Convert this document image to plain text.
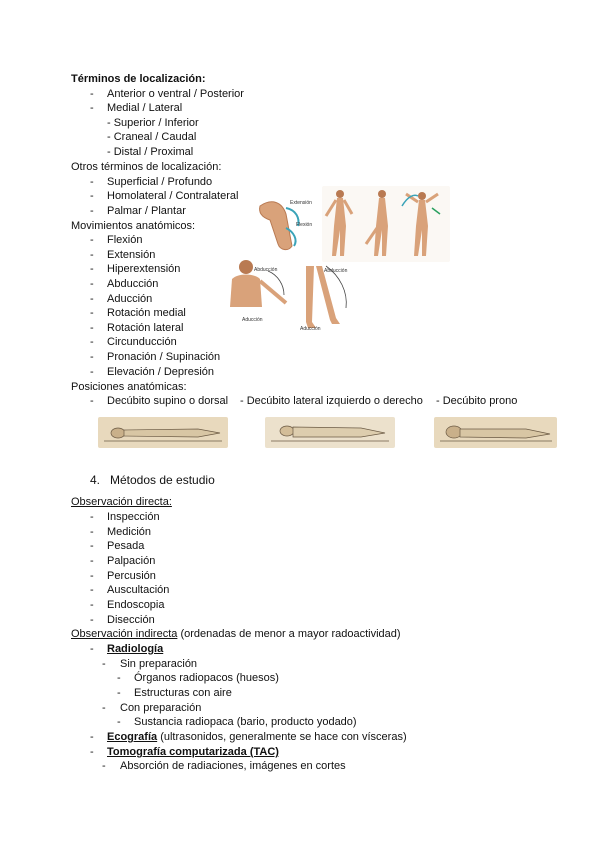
Términos de localización:
- Anterior o ventral / Posterior
- Medial / Lateral
- Superior / Inferior
- Craneal / Caudal
- Distal / Proximal
Otros términos de localización:
- Superficial / Profundo
- Homolateral / Contralateral
- Palmar / Plantar
Movimientos anatómicos:
- Flexión
- Extensión
- Hiperextensión
- Abducción
- Aducción
- Rotación medial
- Rotación lateral
- Circunducción
- Pronación / Supinación
- Elevación / Depresión
Extensión
Flexión
Abducción
Aducción
Abducción
Aducción
Posiciones anatómicas:
- Decúbito supino o dorsal - Decúbito lateral izquierdo o derecho - Decúbito prono
4. Métodos de estudio
Observación directa:
- Inspección
- Medición
- Pesada
- Palpación
- Percusión
- Auscultación
- Endoscopia
- Disección
Observación indirecta (ordenadas de menor a mayor radoactividad)
- Radiología
- Sin preparación
- Órganos radiopacos (huesos)
- Estructuras con aire
- Con preparación
- Sustancia radiopaca (bario, producto yodado)
- Ecografía (ultrasonidos, generalmente se hace con vísceras)
- Tomografía computarizada (TAC)
- Absorción de radiaciones, imágenes en cortes
